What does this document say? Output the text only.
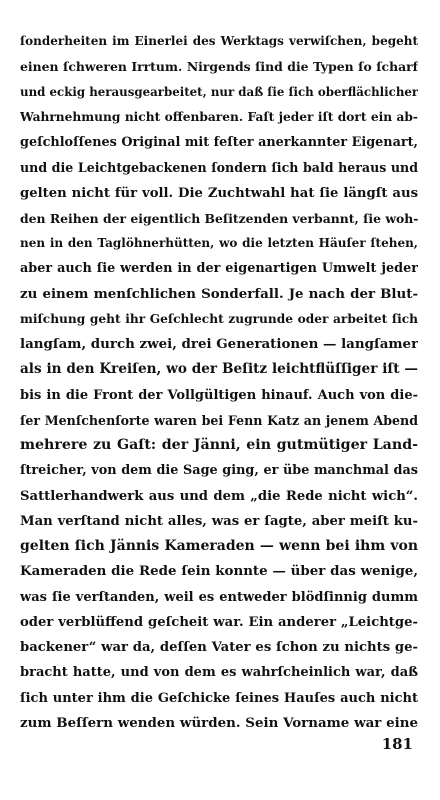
ſonderheiten im Einerlei des Werktags verwiſchen, begeht
einen ſchweren Irrtum. Nirgends ſind die Typen ſo ſcharf
und eckig herausgearbeitet, nur daß ſie ſich oberflächlicher
Wahrnehmung nicht offenbaren. Faſt jeder iſt dort ein ab-
geſchloſſenes Original mit feſter anerkannter Eigenart,
und die Leichtgebackenen ſondern ſich bald heraus und
gelten nicht für voll. Die Zuchtwahl hat ſie längſt aus
den Reihen der eigentlich Beſitzenden verbannt, ſie woh-
nen in den Taglöhnerhütten, wo die letzten Häuſer ſtehen,
aber auch ſie werden in der eigenartigen Umwelt jeder
zu einem menſchlichen Sonderfall. Je nach der Blut-
miſchung geht ihr Geſchlecht zugrunde oder arbeitet ſich
langſam, durch zwei, drei Generationen — langſamer
als in den Kreiſen, wo der Beſitz leichtflüſſiger iſt —
bis in die Front der Vollgültigen hinauf. Auch von die-
ſer Menſchenſorte waren bei Fenn Katz an jenem Abend
mehrere zu Gaſt: der Jänni, ein gutmütiger Land-
ſtreicher, von dem die Sage ging, er übe manchmal das
Sattlerhandwerk aus und dem „die Rede nicht wich“.
Man verſtand nicht alles, was er ſagte, aber meiſt ku-
gelten ſich Jännis Kameraden — wenn bei ihm von
Kameraden die Rede ſein konnte — über das wenige,
was ſie verſtanden, weil es entweder blödſinnig dumm
oder verblüffend geſcheit war. Ein anderer „Leichtge-
backener“ war da, deſſen Vater es ſchon zu nichts ge-
bracht hatte, und von dem es wahrſcheinlich war, daß
ſich unter ihm die Geſchicke ſeines Hauſes auch nicht
zum Beſſern wenden würden. Sein Vorname war eine
181
